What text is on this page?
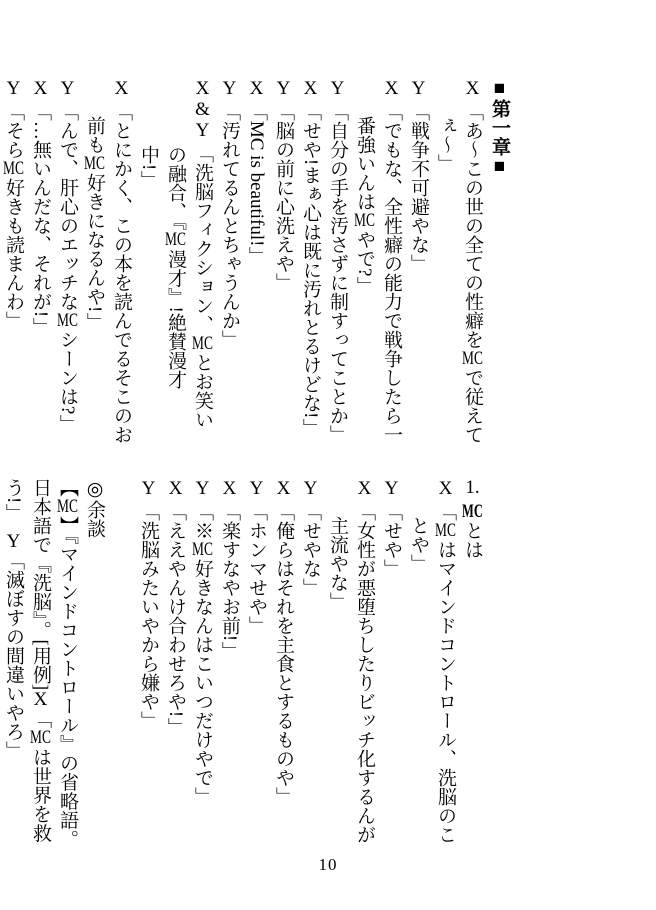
■第一章■

X「あ〜この世の全ての性癖をMCで従えて

ぇ〜」

Y「戦争不可避やな」

X「でもな、全性癖の能力で戦争したら一

番強いんはMCやで?」

Y「自分の手を汚さずに制すってことか」

X「せや!まぁ心は既に汚れとるけどな!」

Y「脳の前に心洗えや」

X「MC is beautiful!」

Y「汚れてるんとちゃうんか」

X&Y「洗脳フィクション、MCとお笑い

の融合、『MC漫才』!絶賛漫才

中!」

X「とにかく、この本を読んでるそこのお

前もMC好きになるんや!」

Y「んで、肝心のエッチなMCシーンは?」

X「…無いんだな、それが!」

Y「そらMC好きも読まんわ」

1. MCとは

X「MCはマインドコントロール、洗脳のこ

とや」

Y「せや」

X「女性が悪堕ちしたりビッチ化するんが

主流やな」

Y「せやな」

X「俺らはそれを主食とするものや」

Y「ホンマせや」

X「楽すなやお前!」

Y「※MC好きなんはこいつだけやで」

X「ええやんけ合わせろや!」

Y「洗脳みたいやから嫌や」

◎余談

【MC】『マインドコントロール』の省略語。

日本語で『洗脳』。[用例]X「MCは世界を救

う!」　Y「滅ぼすの間違いやろ」

10
